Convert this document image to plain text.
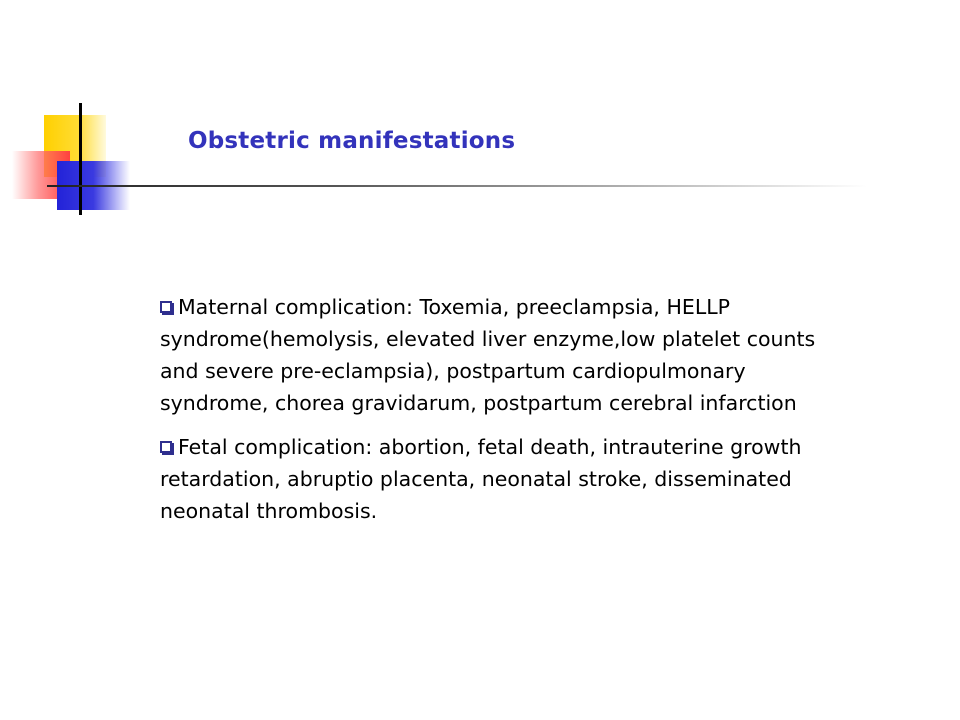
Obstetric manifestations

Maternal complication: Toxemia, preeclampsia, HELLP syndrome(hemolysis, elevated liver enzyme,low platelet counts and severe pre-eclampsia), postpartum cardiopulmonary syndrome, chorea gravidarum, postpartum cerebral infarction

Fetal complication: abortion, fetal death, intrauterine growth retardation, abruptio placenta, neonatal stroke, disseminated neonatal thrombosis.
